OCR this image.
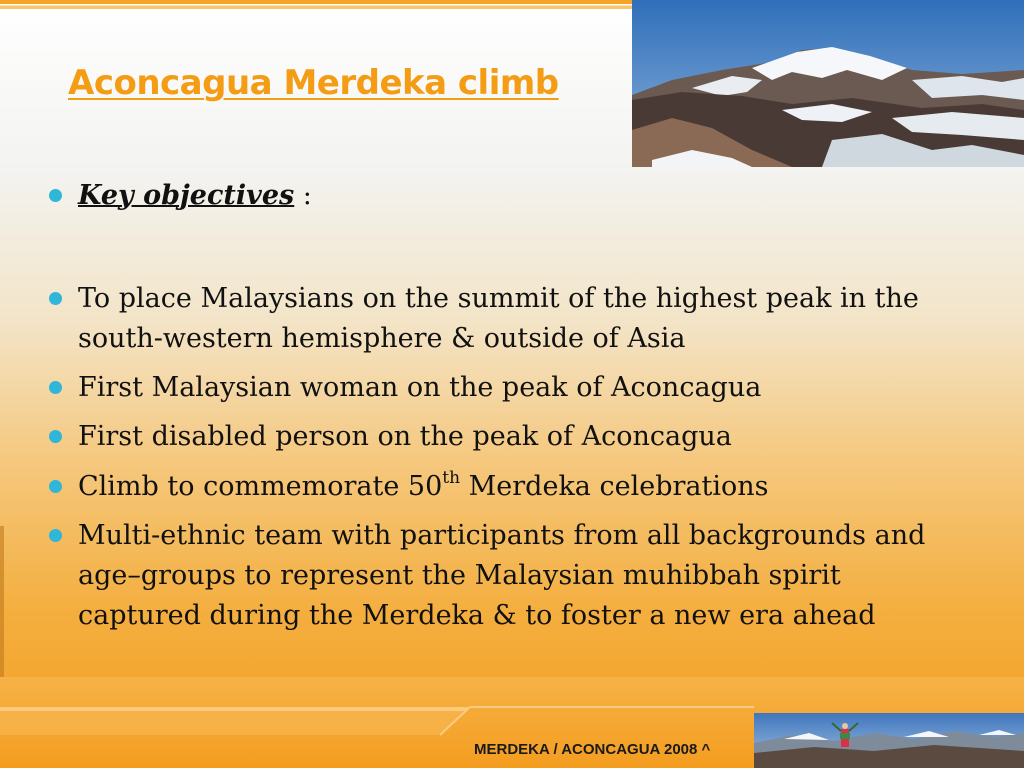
Aconcagua Merdeka climb
Key objectives :
To place Malaysians on the summit of the highest peak in the south-western hemisphere & outside of Asia
First Malaysian woman on the peak of Aconcagua
First disabled person on the peak of Aconcagua
Climb to commemorate 50th Merdeka celebrations
Multi-ethnic team with participants from all backgrounds and age–groups to represent the Malaysian muhibbah spirit captured during the Merdeka & to foster a new era ahead
MERDEKA / ACONCAGUA 2008 ^
